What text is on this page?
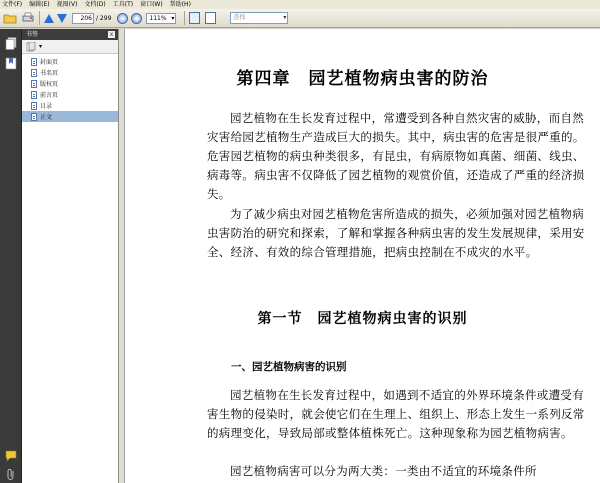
文件(F) 编辑(E) 视图(V) 文档(D) 工具(T) 窗口(W) 帮助(H)
206 / 299 − +	111% ▾	查找 ▾
书签	x
▾
封面页
书名页
版权页
前言页
目录
正文
第四章　园艺植物病虫害的防治
园艺植物在生长发育过程中，常遭受到各种自然灾害的威胁，而自然灾害给园艺植物生产造成巨大的损失。其中，病虫害的危害是很严重的。危害园艺植物的病虫种类很多，有昆虫，有病原物如真菌、细菌、线虫、病毒等。病虫害不仅降低了园艺植物的观赏价值，还造成了严重的经济损失。
为了减少病虫对园艺植物危害所造成的损失，必须加强对园艺植物病虫害防治的研究和探索，了解和掌握各种病虫害的发生发展规律，采用安全、经济、有效的综合管理措施，把病虫控制在不成灾的水平。
第一节　园艺植物病虫害的识别
一、园艺植物病害的识别
园艺植物在生长发育过程中，如遇到不适宜的外界环境条件或遭受有害生物的侵染时，就会使它们在生理上、组织上、形态上发生一系列反常的病理变化，导致局部或整体植株死亡。这种现象称为园艺植物病害。
园艺植物病害可以分为两大类：一类由不适宜的环境条件所
